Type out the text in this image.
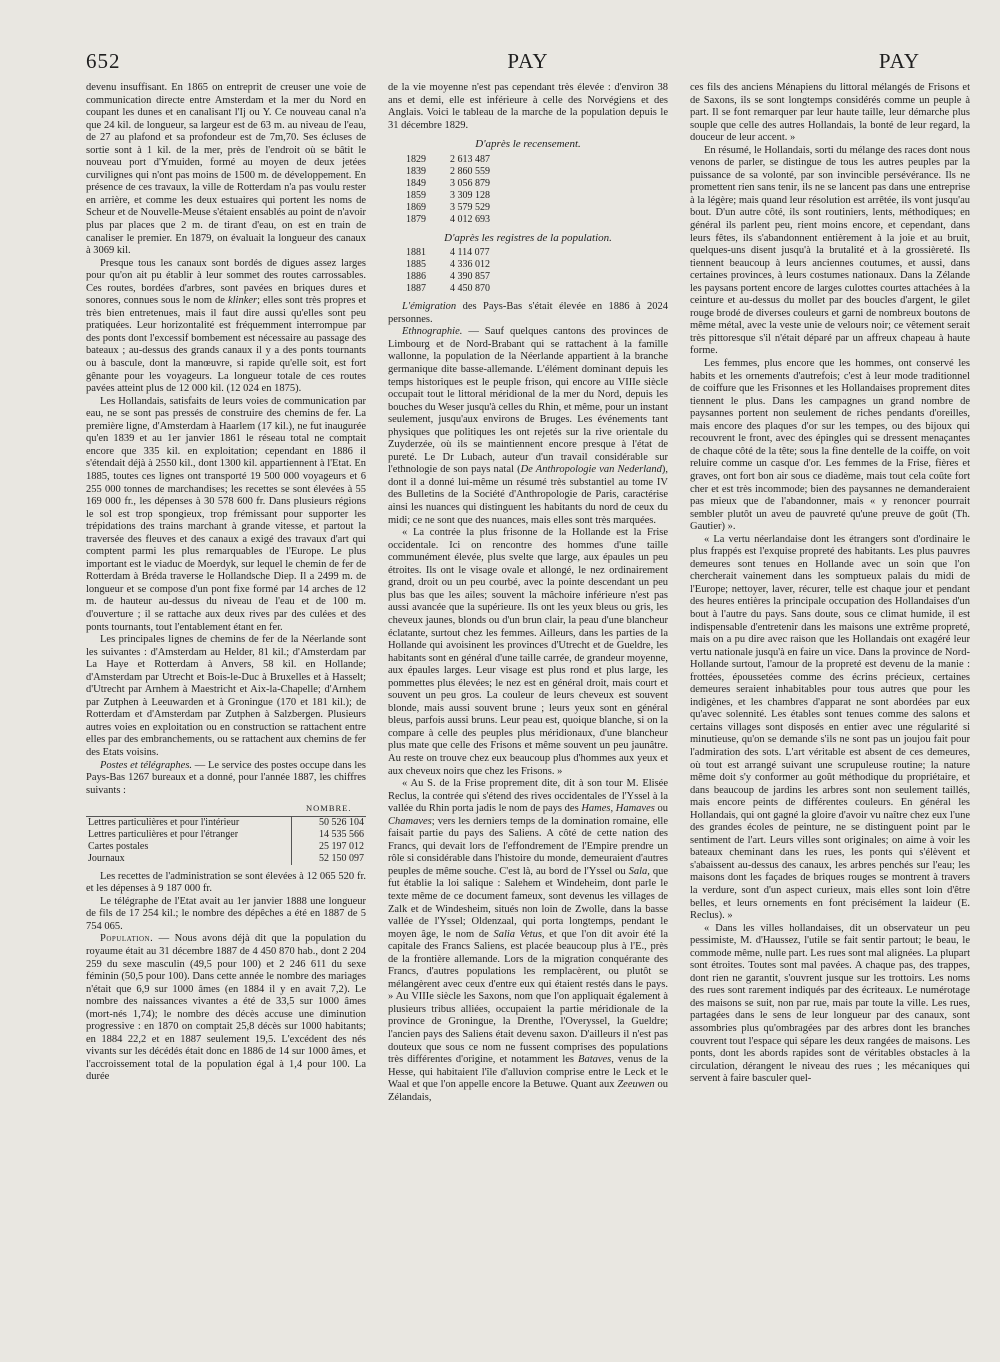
652	PAY	PAY

devenu insuffisant. En 1865 on entreprit de creuser une voie de communication directe entre Amsterdam et la mer du Nord en coupant les dunes et en canalisant l'Ij ou Y. Ce nouveau canal n'a que 24 kil. de longueur, sa largeur est de 63 m. au niveau de l'eau, de 27 au plafond et sa profondeur est de 7m,70. Ses écluses de sortie sont à 1 kil. de la mer, près de l'endroit où se bâtit le nouveau port d'Ymuiden, formé au moyen de deux jetées curvilignes qui n'ont pas moins de 1500 m. de développement. En présence de ces travaux, la ville de Rotterdam n'a pas voulu rester en arrière, et comme les deux estuaires qui portent les noms de Scheur et de Nouvelle-Meuse s'étaient ensablés au point de n'avoir plus par places que 2 m. de tirant d'eau, on est en train de canaliser le premier. En 1879, on évaluait la longueur des canaux à 3069 kil.

Presque tous les canaux sont bordés de digues assez larges pour qu'on ait pu établir à leur sommet des routes carrossables. Ces routes, bordées d'arbres, sont pavées en briques dures et sonores, connues sous le nom de klinker; elles sont très propres et très bien entretenues, mais il faut dire aussi qu'elles sont peu pratiquées. Leur horizontalité est fréquemment interrompue par des ponts dont l'excessif bombement est nécessaire au passage des bateaux ; au-dessus des grands canaux il y a des ponts tournants ou à bascule, dont la manœuvre, si rapide qu'elle soit, est fort gênante pour les voyageurs. La longueur totale de ces routes pavées atteint plus de 12 000 kil. (12 024 en 1875).

Les Hollandais, satisfaits de leurs voies de communication par eau, ne se sont pas pressés de construire des chemins de fer. La première ligne, d'Amsterdam à Haarlem (17 kil.), ne fut inaugurée qu'en 1839 et au 1er janvier 1861 le réseau total ne comptait encore que 335 kil. en exploitation; cependant en 1886 il s'étendait déjà à 2550 kil., dont 1300 kil. appartiennent à l'Etat. En 1885, toutes ces lignes ont transporté 19 500 000 voyageurs et 6 255 000 tonnes de marchandises; les recettes se sont élevées à 55 169 000 fr., les dépenses à 30 578 600 fr. Dans plusieurs régions le sol est trop spongieux, trop frémissant pour supporter les trépidations des trains marchant à grande vitesse, et partout la traversée des fleuves et des canaux a exigé des travaux d'art qui comptent parmi les plus remarquables de l'Europe. Le plus important est le viaduc de Moerdyk, sur lequel le chemin de fer de Rotterdam à Bréda traverse le Hollandsche Diep. Il a 2499 m. de longueur et se compose d'un pont fixe formé par 14 arches de 12 m. de hauteur au-dessus du niveau de l'eau et de 100 m. d'ouverture ; il se rattache aux deux rives par des culées et des ponts tournants, tout l'entablement étant en fer.

Les principales lignes de chemins de fer de la Néerlande sont les suivantes : d'Amsterdam au Helder, 81 kil.; d'Amsterdam par La Haye et Rotterdam à Anvers, 58 kil. en Hollande; d'Amsterdam par Utrecht et Bois-le-Duc à Bruxelles et à Hasselt; d'Utrecht par Arnhem à Maestricht et Aix-la-Chapelle; d'Arnhem par Zutphen à Leeuwarden et à Groningue (170 et 181 kil.); de Rotterdam et d'Amsterdam par Zutphen à Salzbergen. Plusieurs autres voies en exploitation ou en construction se rattachent entre elles par des embranchements, ou se rattachent aux chemins de fer des Etats voisins.

Postes et télégraphes. — Le service des postes occupe dans les Pays-Bas 1267 bureaux et a donné, pour l'année 1887, les chiffres suivants :

	NOMBRE.
Lettres particulières et pour l'intérieur	50 526 104
Lettres particulières et pour l'étranger	14 535 566
Cartes postales	25 197 012
Journaux	52 150 097

Les recettes de l'administration se sont élevées à 12 065 520 fr. et les dépenses à 9 187 000 fr.

Le télégraphe de l'Etat avait au 1er janvier 1888 une longueur de fils de 17 254 kil.; le nombre des dépêches a été en 1887 de 5 754 065.

Population. — Nous avons déjà dit que la population du royaume était au 31 décembre 1887 de 4 450 870 hab., dont 2 204 259 du sexe masculin (49,5 pour 100) et 2 246 611 du sexe féminin (50,5 pour 100). Dans cette année le nombre des mariages n'était que 6,9 sur 1000 âmes (en 1884 il y en avait 7,2). Le nombre des naissances vivantes a été de 33,5 sur 1000 âmes (mort-nés 1,74); le nombre des décès accuse une diminution progressive : en 1870 on comptait 25,8 décès sur 1000 habitants; en 1884 22,2 et en 1887 seulement 19,5. L'excédent des nés vivants sur les décédés était donc en 1886 de 14 sur 1000 âmes, et l'accroissement total de la population égal à 1,4 pour 100. La durée

de la vie moyenne n'est pas cependant très élevée : d'environ 38 ans et demi, elle est inférieure à celle des Norvégiens et des Anglais. Voici le tableau de la marche de la population depuis le 31 décembre 1829.

D'après le recensement.
1829	2 613 487
1839	2 860 559
1849	3 056 879
1859	3 309 128
1869	3 579 529
1879	4 012 693
D'après les registres de la population.
1881	4 114 077
1885	4 336 012
1886	4 390 857
1887	4 450 870

L'émigration des Pays-Bas s'était élevée en 1886 à 2024 personnes.

Ethnographie. — Sauf quelques cantons des provinces de Limbourg et de Nord-Brabant qui se rattachent à la famille wallonne, la population de la Néerlande appartient à la branche germanique dite basse-allemande. L'élément dominant depuis les temps historiques est le peuple frison, qui encore au VIIIe siècle occupait tout le littoral méridional de la mer du Nord, depuis les bouches du Weser jusqu'à celles du Rhin, et même, pour un instant seulement, jusqu'aux environs de Bruges. Les événements tant physiques que politiques les ont rejetés sur la rive orientale du Zuyderzée, où ils se maintiennent encore presque à l'état de pureté. Le Dr Lubach, auteur d'un travail considérable sur l'ethnologie de son pays natal (De Anthropologie van Nederland), dont il a donné lui-même un résumé très substantiel au tome IV des Bulletins de la Société d'Anthropologie de Paris, caractérise ainsi les nuances qui distinguent les habitants du nord de ceux du midi; ce ne sont que des nuances, mais elles sont très marquées.

« La contrée la plus frisonne de la Hollande est la Frise occidentale. Ici on rencontre des hommes d'une taille communément élevée, plus svelte que large, aux épaules un peu étroites. Ils ont le visage ovale et allongé, le nez ordinairement grand, droit ou un peu courbé, avec la pointe descendant un peu plus bas que les ailes; souvent la mâchoire inférieure n'est pas aussi avancée que la supérieure. Ils ont les yeux bleus ou gris, les cheveux jaunes, blonds ou d'un brun clair, la peau d'une blancheur éclatante, surtout chez les femmes. Ailleurs, dans les parties de la Hollande qui avoisinent les provinces d'Utrecht et de Gueldre, les habitants sont en général d'une taille carrée, de grandeur moyenne, aux épaules larges. Leur visage est plus rond et plus large, les pommettes plus élevées; le nez est en général droit, mais court et souvent un peu gros. La couleur de leurs cheveux est souvent blonde, mais aussi souvent brune ; leurs yeux sont en général bleus, parfois aussi bruns. Leur peau est, quoique blanche, si on la compare à celle des peuples plus méridionaux, d'une blancheur plus mate que celle des Frisons et même souvent un peu jaunâtre. Au reste on trouve chez eux beaucoup plus d'hommes aux yeux et aux cheveux noirs que chez les Frisons. »

« Au S. de la Frise proprement dite, dit à son tour M. Elisée Reclus, la contrée qui s'étend des rives occidentales de l'Yssel à la vallée du Rhin porta jadis le nom de pays des Hames, Hamaves ou Chamaves; vers les derniers temps de la domination romaine, elle faisait partie du pays des Saliens. A côté de cette nation des Francs, qui devait lors de l'effondrement de l'Empire prendre un rôle si considérable dans l'histoire du monde, demeuraient d'autres peuples de même souche. C'est là, au bord de l'Yssel ou Sala, que fut établie la loi salique : Salehem et Windeheim, dont parle le texte même de ce document fameux, sont devenus les villages de Zalk et de Windesheim, situés non loin de Zwolle, dans la basse vallée de l'Yssel; Oldenzaal, qui porta longtemps, pendant le moyen âge, le nom de Salia Vetus, et que l'on dit avoir été la capitale des Francs Saliens, est placée beaucoup plus à l'E., près de la frontière allemande. Lors de la migration conquérante des Francs, d'autres populations les remplacèrent, ou plutôt se mélangèrent avec ceux d'entre eux qui étaient restés dans le pays. » Au VIIIe siècle les Saxons, nom que l'on appliquait également à plusieurs tribus alliées, occupaient la partie méridionale de la province de Groningue, la Drenthe, l'Overyssel, la Gueldre; l'ancien pays des Saliens était devenu saxon. D'ailleurs il n'est pas douteux que sous ce nom ne fussent comprises des populations très différentes d'origine, et notamment les Bataves, venus de la Hesse, qui habitaient l'île d'alluvion comprise entre le Leck et le Waal et que l'on appelle encore la Betuwe. Quant aux Zeeuwen ou Zélandais,

ces fils des anciens Ménapiens du littoral mélangés de Frisons et de Saxons, ils se sont longtemps considérés comme un peuple à part. Il se font remarquer par leur haute taille, leur démarche plus souple que celle des autres Hollandais, la bonté de leur regard, la douceur de leur accent. »

En résumé, le Hollandais, sorti du mélange des races dont nous venons de parler, se distingue de tous les autres peuples par la puissance de sa volonté, par son invincible persévérance. Ils ne promettent rien sans tenir, ils ne se lancent pas dans une entreprise à la légère; mais quand leur résolution est arrêtée, ils vont jusqu'au bout. D'un autre côté, ils sont routiniers, lents, méthodiques; en général ils parlent peu, rient moins encore, et cependant, dans leurs fêtes, ils s'abandonnent entièrement à la joie et au bruit, quelques-uns disent jusqu'à la brutalité et à la grossièreté. Ils tiennent beaucoup à leurs anciennes coutumes, et aussi, dans certaines provinces, à leurs costumes nationaux. Dans la Zélande les paysans portent encore de larges culottes courtes attachées à la ceinture et au-dessus du mollet par des boucles d'argent, le gilet rouge brodé de diverses couleurs et garni de nombreux boutons de même métal, avec la veste unie de velours noir; ce vêtement serait très pittoresque s'il n'était déparé par un affreux chapeau à haute forme.

Les femmes, plus encore que les hommes, ont conservé les habits et les ornements d'autrefois; c'est à leur mode traditionnel de coiffure que les Frisonnes et les Hollandaises proprement dites tiennent le plus. Dans les campagnes un grand nombre de paysannes portent non seulement de riches pendants d'oreilles, mais encore des plaques d'or sur les tempes, ou des bijoux qui recouvrent le front, avec des épingles qui se dressent menaçantes de chaque côté de la tête; sous la fine dentelle de la coiffe, on voit reluire comme un casque d'or. Les femmes de la Frise, fières et graves, ont fort bon air sous ce diadème, mais tout cela coûte fort cher et est très incommode; bien des paysannes ne demanderaient pas mieux que de l'abandonner, mais « y renoncer pourrait sembler plutôt un aveu de pauvreté qu'une preuve de goût (Th. Gautier) ».

« La vertu néerlandaise dont les étrangers sont d'ordinaire le plus frappés est l'exquise propreté des habitants. Les plus pauvres demeures sont tenues en Hollande avec un soin que l'on chercherait vainement dans les somptueux palais du midi de l'Europe; nettoyer, laver, récurer, telle est chaque jour et pendant des heures entières la principale occupation des Hollandaises d'un bout à l'autre du pays. Sans doute, sous ce climat humide, il est indispensable d'entretenir dans les maisons une extrême propreté, mais on a pu dire avec raison que les Hollandais ont exagéré leur vertu nationale jusqu'à en faire un vice. Dans la province de Nord-Hollande surtout, l'amour de la propreté est devenu de la manie : frottées, époussetées comme des écrins précieux, certaines demeures seraient inhabitables pour tous autres que pour les indigènes, et les chambres d'apparat ne sont abordées par eux qu'avec solennité. Les étables sont tenues comme des salons et certains villages sont disposés en entier avec une régularité si minutieuse, qu'on se demande s'ils ne sont pas un joujou fait pour l'admiration des sots. L'art véritable est absent de ces demeures, où tout est arrangé suivant une scrupuleuse routine; la nature même doit s'y conformer au goût méthodique du propriétaire, et dans beaucoup de jardins les arbres sont non seulement taillés, mais encore peints de différentes couleurs. En général les Hollandais, qui ont gagné la gloire d'avoir vu naître chez eux l'une des grandes écoles de peinture, ne se distinguent point par le sentiment de l'art. Leurs villes sont originales; on aime à voir les bateaux cheminant dans les rues, les ponts qui s'élèvent et s'abaissent au-dessus des canaux, les arbres penchés sur l'eau; les maisons dont les façades de briques rouges se montrent à travers la verdure, sont d'un aspect curieux, mais elles sont loin d'être belles, et leurs ornements en font précisément la laideur (E. Reclus). »

« Dans les villes hollandaises, dit un observateur un peu pessimiste, M. d'Haussez, l'utile se fait sentir partout; le beau, le commode même, nulle part. Les rues sont mal alignées. La plupart sont étroites. Toutes sont mal pavées. A chaque pas, des trappes, dont rien ne garantit, s'ouvrent jusque sur les trottoirs. Les noms des rues sont rarement indiqués par des écriteaux. Le numérotage des maisons se suit, non par rue, mais par toute la ville. Les rues, partagées dans le sens de leur longueur par des canaux, sont assombries plus qu'ombragées par des arbres dont les branches couvrent tout l'espace qui sépare les deux rangées de maisons. Les ponts, dont les abords rapides sont de véritables obstacles à la circulation, dérangent le niveau des rues ; les mécaniques qui servent à faire basculer quel-
